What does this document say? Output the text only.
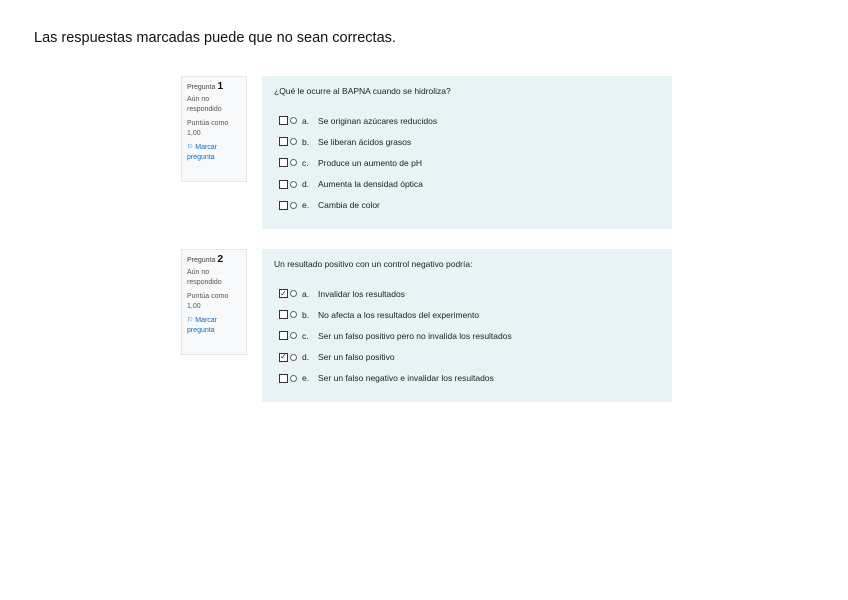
Las respuestas marcadas puede que no sean correctas.
Pregunta 1
Aún no respondido
Puntúa como 1,00
⚐ Marcar pregunta
¿Qué le ocurre al BAPNA cuando se hidroliza?
a.	Se originan azúcares reducidos
b.	Se liberan ácidos grasos
c.	Produce un aumento de pH
d.	Aumenta la densidad óptica
e.	Cambia de color
Pregunta 2
Aún no respondido
Puntúa como 1,00
⚐ Marcar pregunta
Un resultado positivo con un control negativo podría:
✓ a.	Invalidar los resultados
b.	No afecta a los resultados del experimento
c.	Ser un falso positivo pero no invalida los resultados
✓ d.	Ser un falso positivo
e.	Ser un falso negativo e invalidar los resultados
